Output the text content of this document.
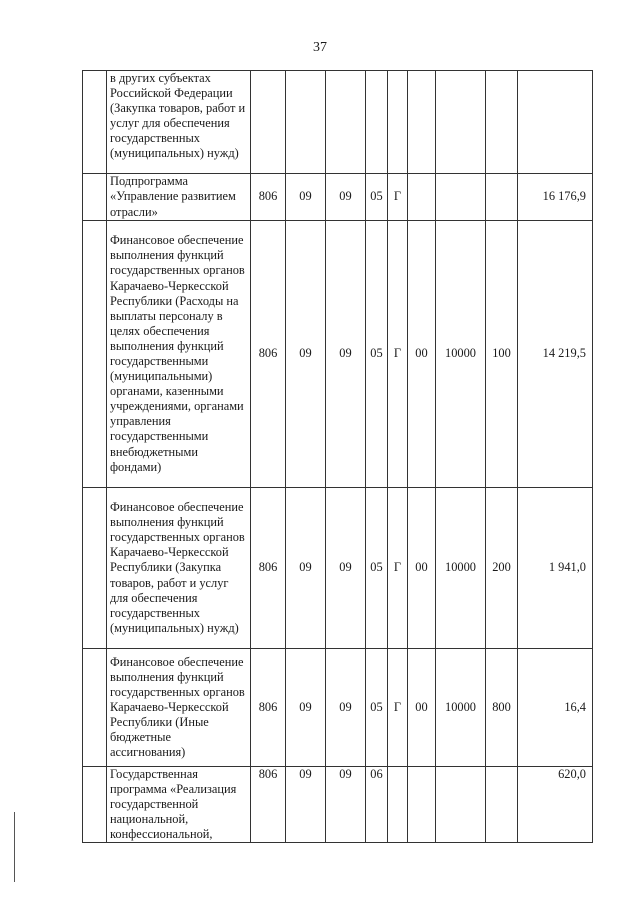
37
	в других субъектах Российской Федерации (Закупка товаров, работ и услуг для обеспечения государственных (муниципальных) нужд)									
	Подпрограмма «Управление развитием отрасли»	806	09	09	05	Г				16 176,9
	Финансовое обеспечение выполнения функций государственных органов Карачаево-Черкесской Республики (Расходы на выплаты персоналу в целях обеспечения выполнения функций государственными (муниципальными) органами, казенными учреждениями, органами управления государственными внебюджетными фондами)	806	09	09	05	Г	00	10000	100	14 219,5
	Финансовое обеспечение выполнения функций государственных органов Карачаево-Черкесской Республики (Закупка товаров, работ и услуг для обеспечения государственных (муниципальных) нужд)	806	09	09	05	Г	00	10000	200	1 941,0
	Финансовое обеспечение выполнения функций государственных органов Карачаево-Черкесской Республики (Иные бюджетные ассигнования)	806	09	09	05	Г	00	10000	800	16,4
	Государственная программа «Реализация государственной национальной, конфессиональной,	806	09	09	06					620,0
